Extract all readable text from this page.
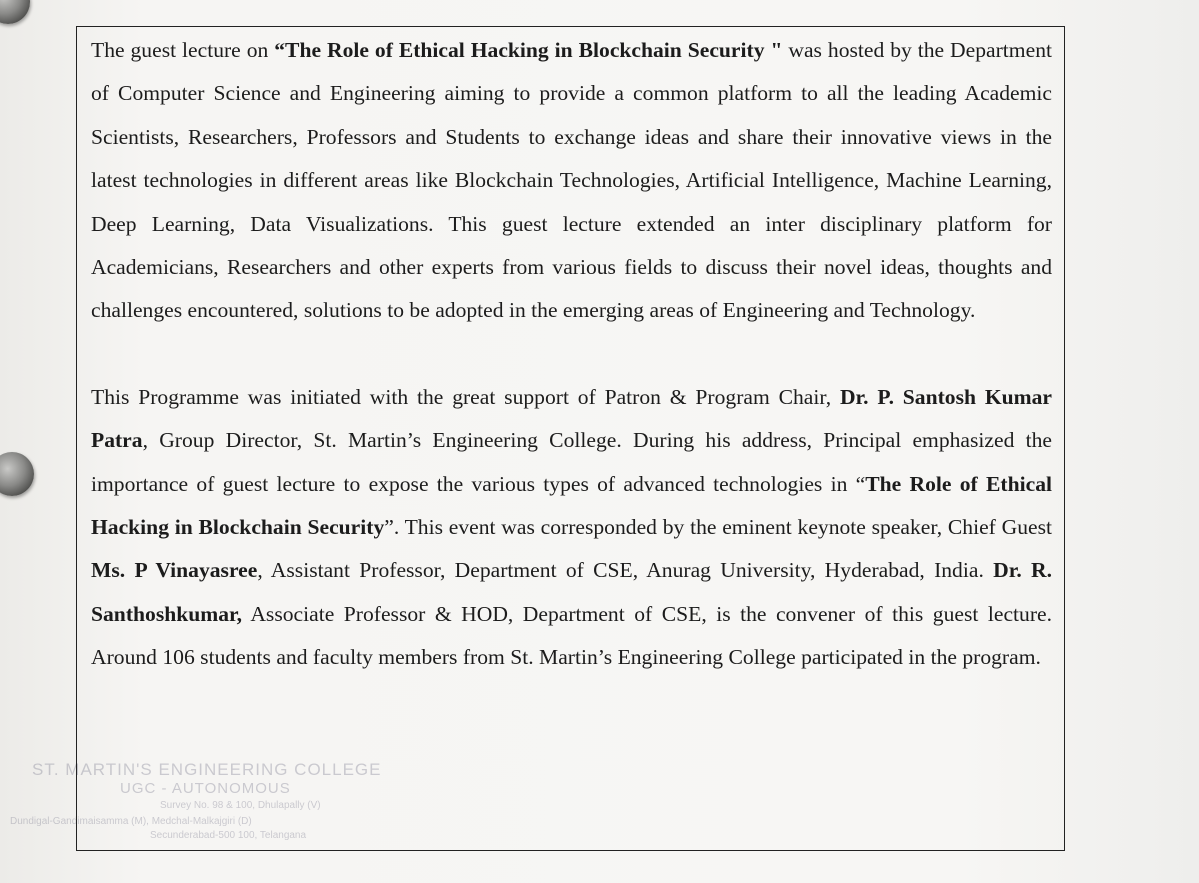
ST. MARTIN'S ENGINEERING COLLEGE
UGC - AUTONOMOUS
Survey No. 98 & 100, Dhulapally (V)
Dundigal-Gandimaisamma (M), Medchal-Malkajgiri (D)
Secunderabad-500 100, Telangana

The guest lecture on “The Role of Ethical Hacking in Blockchain Security " was hosted by the Department of Computer Science and Engineering aiming to provide a common platform to all the leading Academic Scientists, Researchers, Professors and Students to exchange ideas and share their innovative views in the latest technologies in different areas like Blockchain Technologies, Artificial Intelligence, Machine Learning, Deep Learning, Data Visualizations. This guest lecture extended an inter disciplinary platform for Academicians, Researchers and other experts from various fields to discuss their novel ideas, thoughts and challenges encountered, solutions to be adopted in the emerging areas of Engineering and Technology.

This Programme was initiated with the great support of Patron & Program Chair, Dr. P. Santosh Kumar Patra, Group Director, St. Martin’s Engineering College. During his address, Principal emphasized the importance of guest lecture to expose the various types of advanced technologies in “The Role of Ethical Hacking in Blockchain Security”. This event was corresponded by the eminent keynote speaker, Chief Guest Ms. P Vinayasree, Assistant Professor, Department of CSE, Anurag University, Hyderabad, India. Dr. R. Santhoshkumar, Associate Professor & HOD, Department of CSE, is the convener of this guest lecture. Around 106 students and faculty members from St. Martin’s Engineering College participated in the program.
